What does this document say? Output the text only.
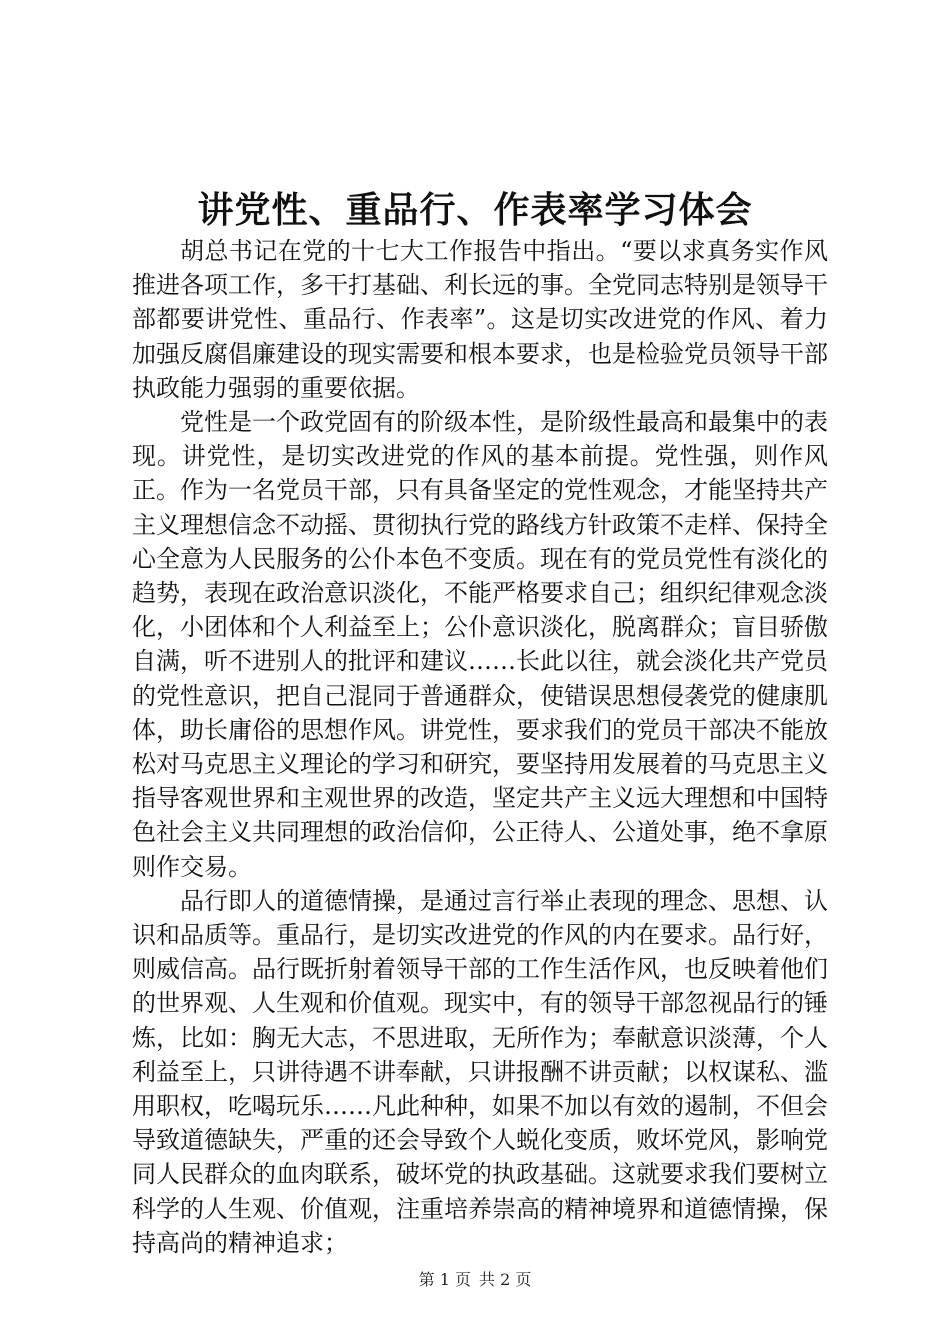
讲党性、重品行、作表率学习体会

胡总书记在党的十七大工作报告中指出。“要以求真务实作风推进各项工作，多干打基础、利长远的事。全党同志特别是领导干部都要讲党性、重品行、作表率”。这是切实改进党的作风、着力加强反腐倡廉建设的现实需要和根本要求，也是检验党员领导干部执政能力强弱的重要依据。

党性是一个政党固有的阶级本性，是阶级性最高和最集中的表现。讲党性，是切实改进党的作风的基本前提。党性强，则作风正。作为一名党员干部，只有具备坚定的党性观念，才能坚持共产主义理想信念不动摇、贯彻执行党的路线方针政策不走样、保持全心全意为人民服务的公仆本色不变质。现在有的党员党性有淡化的趋势，表现在政治意识淡化，不能严格要求自己；组织纪律观念淡化，小团体和个人利益至上；公仆意识淡化，脱离群众；盲目骄傲自满，听不进别人的批评和建议……长此以往，就会淡化共产党员的党性意识，把自己混同于普通群众，使错误思想侵袭党的健康肌体，助长庸俗的思想作风。讲党性，要求我们的党员干部决不能放松对马克思主义理论的学习和研究，要坚持用发展着的马克思主义指导客观世界和主观世界的改造，坚定共产主义远大理想和中国特色社会主义共同理想的政治信仰，公正待人、公道处事，绝不拿原则作交易。

品行即人的道德情操，是通过言行举止表现的理念、思想、认识和品质等。重品行，是切实改进党的作风的内在要求。品行好，则威信高。品行既折射着领导干部的工作生活作风，也反映着他们的世界观、人生观和价值观。现实中，有的领导干部忽视品行的锤炼，比如：胸无大志，不思进取，无所作为；奉献意识淡薄，个人利益至上，只讲待遇不讲奉献，只讲报酬不讲贡献；以权谋私、滥用职权，吃喝玩乐……凡此种种，如果不加以有效的遏制，不但会导致道德缺失，严重的还会导致个人蜕化变质，败坏党风，影响党同人民群众的血肉联系，破坏党的执政基础。这就要求我们要树立科学的人生观、价值观，注重培养崇高的精神境界和道德情操，保持高尚的精神追求；

第 1 页 共 2 页
